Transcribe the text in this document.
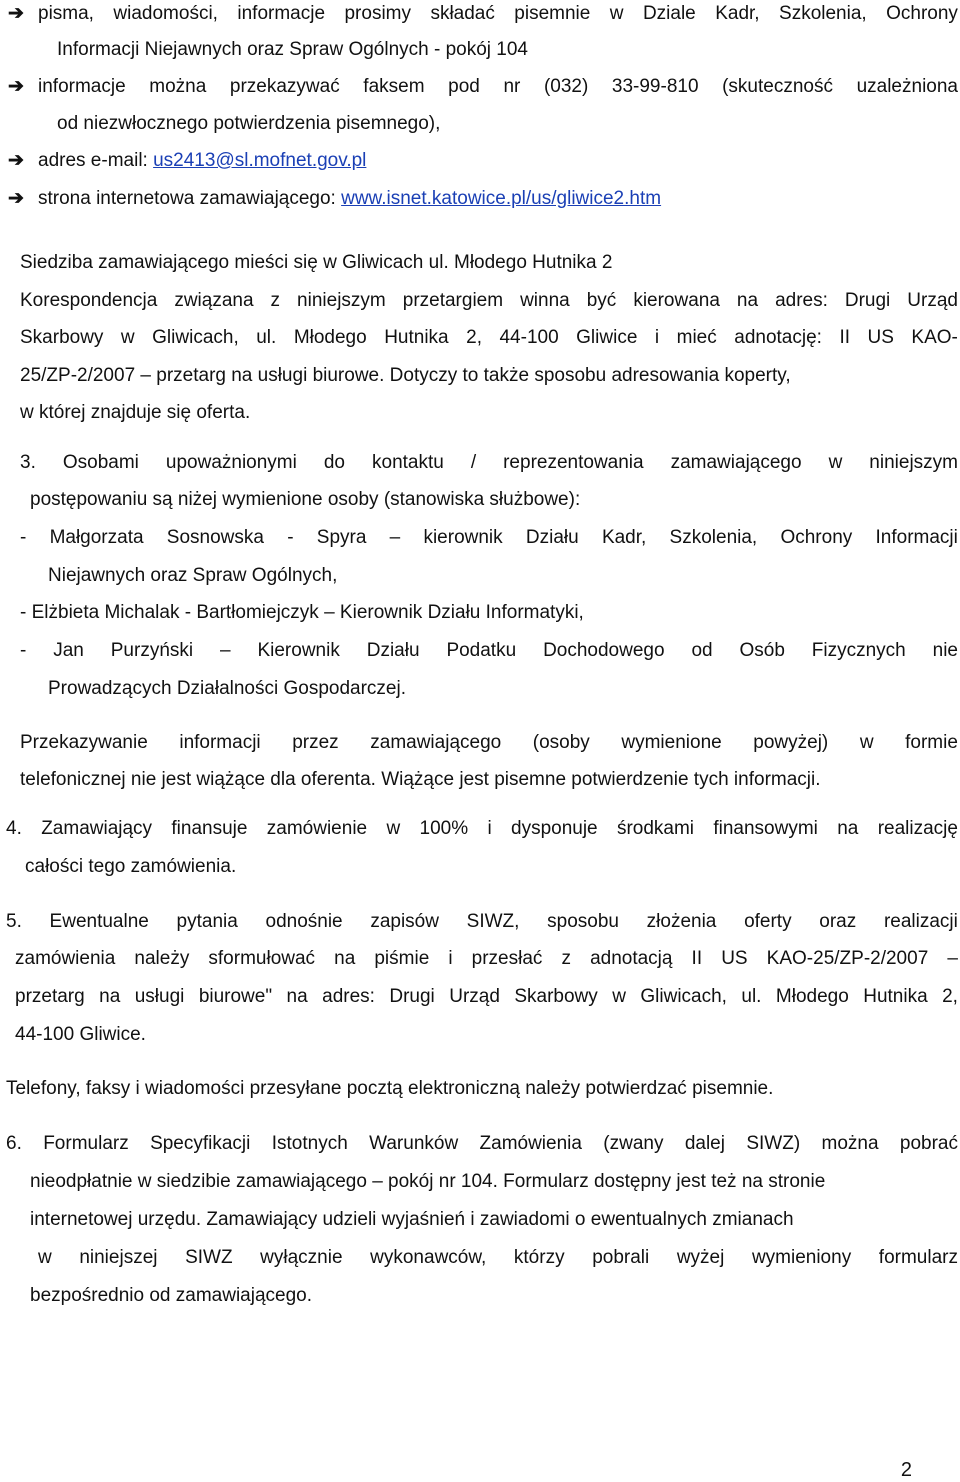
➔ pisma, wiadomości, informacje prosimy składać pisemnie w Dziale Kadr, Szkolenia, Ochrony
Informacji Niejawnych oraz Spraw Ogólnych - pokój 104
➔ informacje można przekazywać faksem pod nr (032) 33-99-810 (skuteczność uzależniona
od niezwłocznego potwierdzenia pisemnego),
➔ adres e-mail: us2413@sl.mofnet.gov.pl
➔ strona internetowa zamawiającego: www.isnet.katowice.pl/us/gliwice2.htm
Siedziba zamawiającego mieści się w Gliwicach ul. Młodego Hutnika 2
Korespondencja związana z niniejszym przetargiem winna być kierowana na adres: Drugi Urząd
Skarbowy w Gliwicach, ul. Młodego Hutnika 2, 44-100 Gliwice i mieć adnotację: II US KAO-
25/ZP-2/2007 – przetarg na usługi biurowe. Dotyczy to także sposobu adresowania koperty,
w której znajduje się oferta.
3. Osobami upoważnionymi do kontaktu / reprezentowania zamawiającego w niniejszym
postępowaniu są niżej wymienione osoby (stanowiska służbowe):
- Małgorzata Sosnowska - Spyra – kierownik Działu Kadr, Szkolenia, Ochrony Informacji
Niejawnych oraz Spraw Ogólnych,
- Elżbieta Michalak - Bartłomiejczyk – Kierownik Działu Informatyki,
- Jan Purzyński – Kierownik Działu Podatku Dochodowego od Osób Fizycznych nie
Prowadzących Działalności Gospodarczej.
Przekazywanie informacji przez zamawiającego (osoby wymienione powyżej) w formie
telefonicznej nie jest wiążące dla oferenta. Wiążące jest pisemne potwierdzenie tych informacji.
4. Zamawiający finansuje zamówienie w 100% i dysponuje środkami finansowymi na realizację
całości tego zamówienia.
5. Ewentualne pytania odnośnie zapisów SIWZ, sposobu złożenia oferty oraz realizacji
zamówienia należy sformułować na piśmie i przesłać z adnotacją II US KAO-25/ZP-2/2007 –
przetarg na usługi biurowe" na adres: Drugi Urząd Skarbowy w Gliwicach, ul. Młodego Hutnika 2,
44-100 Gliwice.
Telefony, faksy i wiadomości przesyłane pocztą elektroniczną należy potwierdzać pisemnie.
6. Formularz Specyfikacji Istotnych Warunków Zamówienia (zwany dalej SIWZ) można pobrać
nieodpłatnie w siedzibie zamawiającego – pokój nr 104. Formularz dostępny jest też na stronie
internetowej urzędu. Zamawiający udzieli wyjaśnień i zawiadomi o ewentualnych zmianach
w niniejszej SIWZ wyłącznie wykonawców, którzy pobrali wyżej wymieniony formularz
bezpośrednio od zamawiającego.
2
